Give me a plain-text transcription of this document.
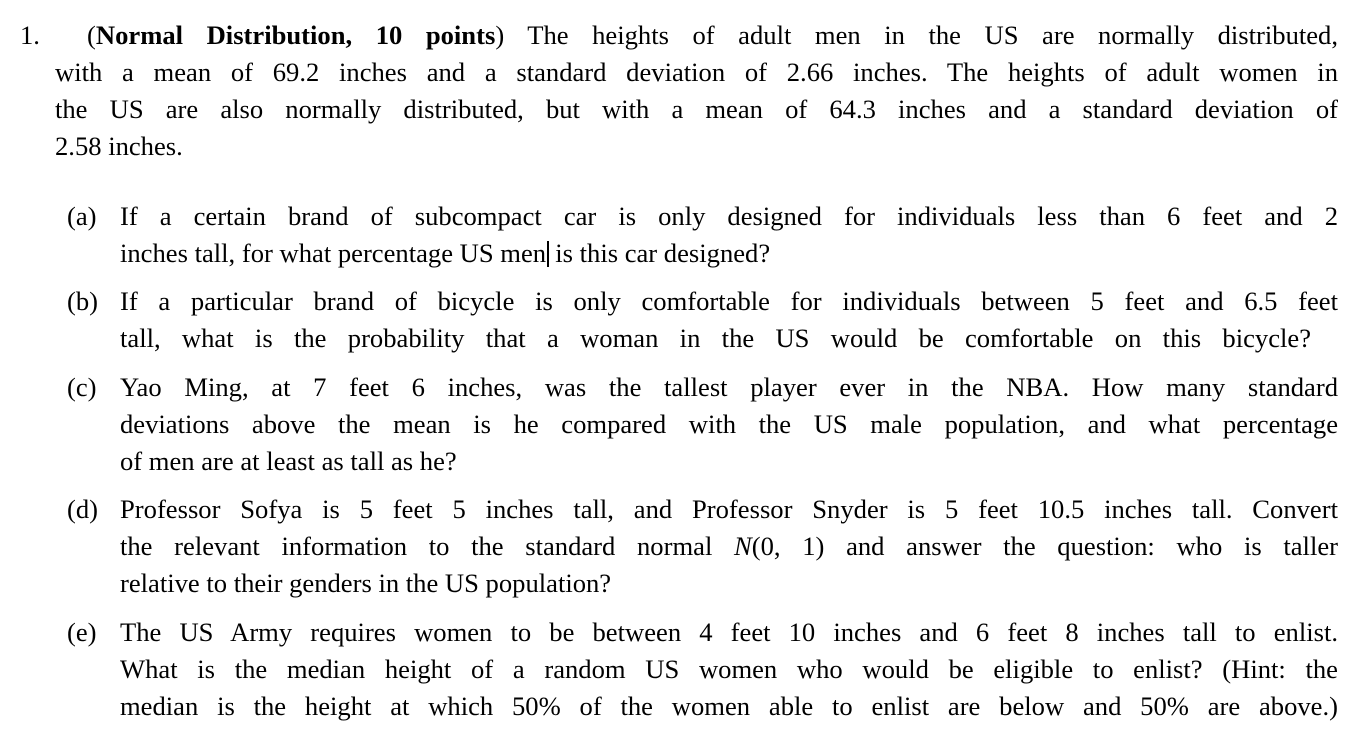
1. (Normal Distribution, 10 points) The heights of adult men in the US are normally distributed,
with a mean of 69.2 inches and a standard deviation of 2.66 inches. The heights of adult women in
the US are also normally distributed, but with a mean of 64.3 inches and a standard deviation of
2.58 inches.
(a) If a certain brand of subcompact car is only designed for individuals less than 6 feet and 2
inches tall, for what percentage US men is this car designed?
(b) If a particular brand of bicycle is only comfortable for individuals between 5 feet and 6.5 feet
tall, what is the probability that a woman in the US would be comfortable on this bicycle?
(c) Yao Ming, at 7 feet 6 inches, was the tallest player ever in the NBA. How many standard
deviations above the mean is he compared with the US male population, and what percentage
of men are at least as tall as he?
(d) Professor Sofya is 5 feet 5 inches tall, and Professor Snyder is 5 feet 10.5 inches tall. Convert
the relevant information to the standard normal N(0, 1) and answer the question: who is taller
relative to their genders in the US population?
(e) The US Army requires women to be between 4 feet 10 inches and 6 feet 8 inches tall to enlist.
What is the median height of a random US women who would be eligible to enlist? (Hint: the
median is the height at which 50% of the women able to enlist are below and 50% are above.)
